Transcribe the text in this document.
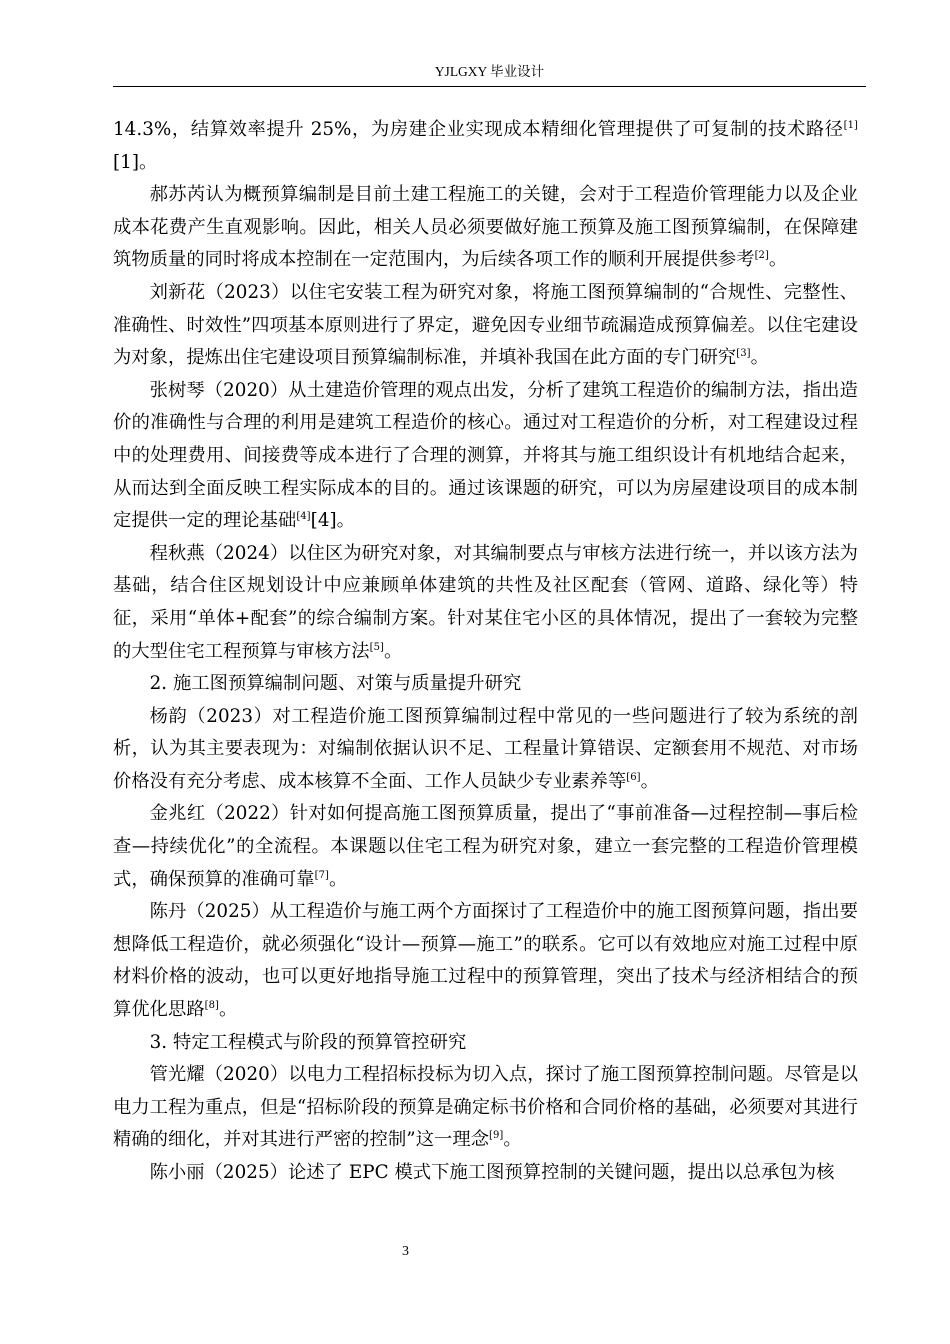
YJLGXY 毕业设计

14.3%，结算效率提升 25%，为房建企业实现成本精细化管理提供了可复制的技术路径[1][1]。

郝苏芮认为概预算编制是目前土建工程施工的关键，会对于工程造价管理能力以及企业成本花费产生直观影响。因此，相关人员必须要做好施工预算及施工图预算编制，在保障建筑物质量的同时将成本控制在一定范围内，为后续各项工作的顺利开展提供参考[2]。

刘新花（2023）以住宅安装工程为研究对象，将施工图预算编制的“合规性、完整性、准确性、时效性”四项基本原则进行了界定，避免因专业细节疏漏造成预算偏差。以住宅建设为对象，提炼出住宅建设项目预算编制标准，并填补我国在此方面的专门研究[3]。

张树琴（2020）从土建造价管理的观点出发，分析了建筑工程造价的编制方法，指出造价的准确性与合理的利用是建筑工程造价的核心。通过对工程造价的分析，对工程建设过程中的处理费用、间接费等成本进行了合理的测算，并将其与施工组织设计有机地结合起来，从而达到全面反映工程实际成本的目的。通过该课题的研究，可以为房屋建设项目的成本制定提供一定的理论基础[4][4]。

程秋燕（2024）以住区为研究对象，对其编制要点与审核方法进行统一，并以该方法为基础，结合住区规划设计中应兼顾单体建筑的共性及社区配套（管网、道路、绿化等）特征，采用“单体+配套”的综合编制方案。针对某住宅小区的具体情况，提出了一套较为完整的大型住宅工程预算与审核方法[5]。

2. 施工图预算编制问题、对策与质量提升研究

杨韵（2023）对工程造价施工图预算编制过程中常见的一些问题进行了较为系统的剖析，认为其主要表现为：对编制依据认识不足、工程量计算错误、定额套用不规范、对市场价格没有充分考虑、成本核算不全面、工作人员缺少专业素养等[6]。

金兆红（2022）针对如何提高施工图预算质量，提出了“事前准备—过程控制—事后检查—持续优化”的全流程。本课题以住宅工程为研究对象，建立一套完整的工程造价管理模式，确保预算的准确可靠[7]。

陈丹（2025）从工程造价与施工两个方面探讨了工程造价中的施工图预算问题，指出要想降低工程造价，就必须强化“设计—预算—施工”的联系。它可以有效地应对施工过程中原材料价格的波动，也可以更好地指导施工过程中的预算管理，突出了技术与经济相结合的预算优化思路[8]。

3. 特定工程模式与阶段的预算管控研究

管光耀（2020）以电力工程招标投标为切入点，探讨了施工图预算控制问题。尽管是以电力工程为重点，但是“招标阶段的预算是确定标书价格和合同价格的基础，必须要对其进行精确的细化，并对其进行严密的控制”这一理念[9]。

陈小丽（2025）论述了 EPC 模式下施工图预算控制的关键问题，提出以总承包为核

3
